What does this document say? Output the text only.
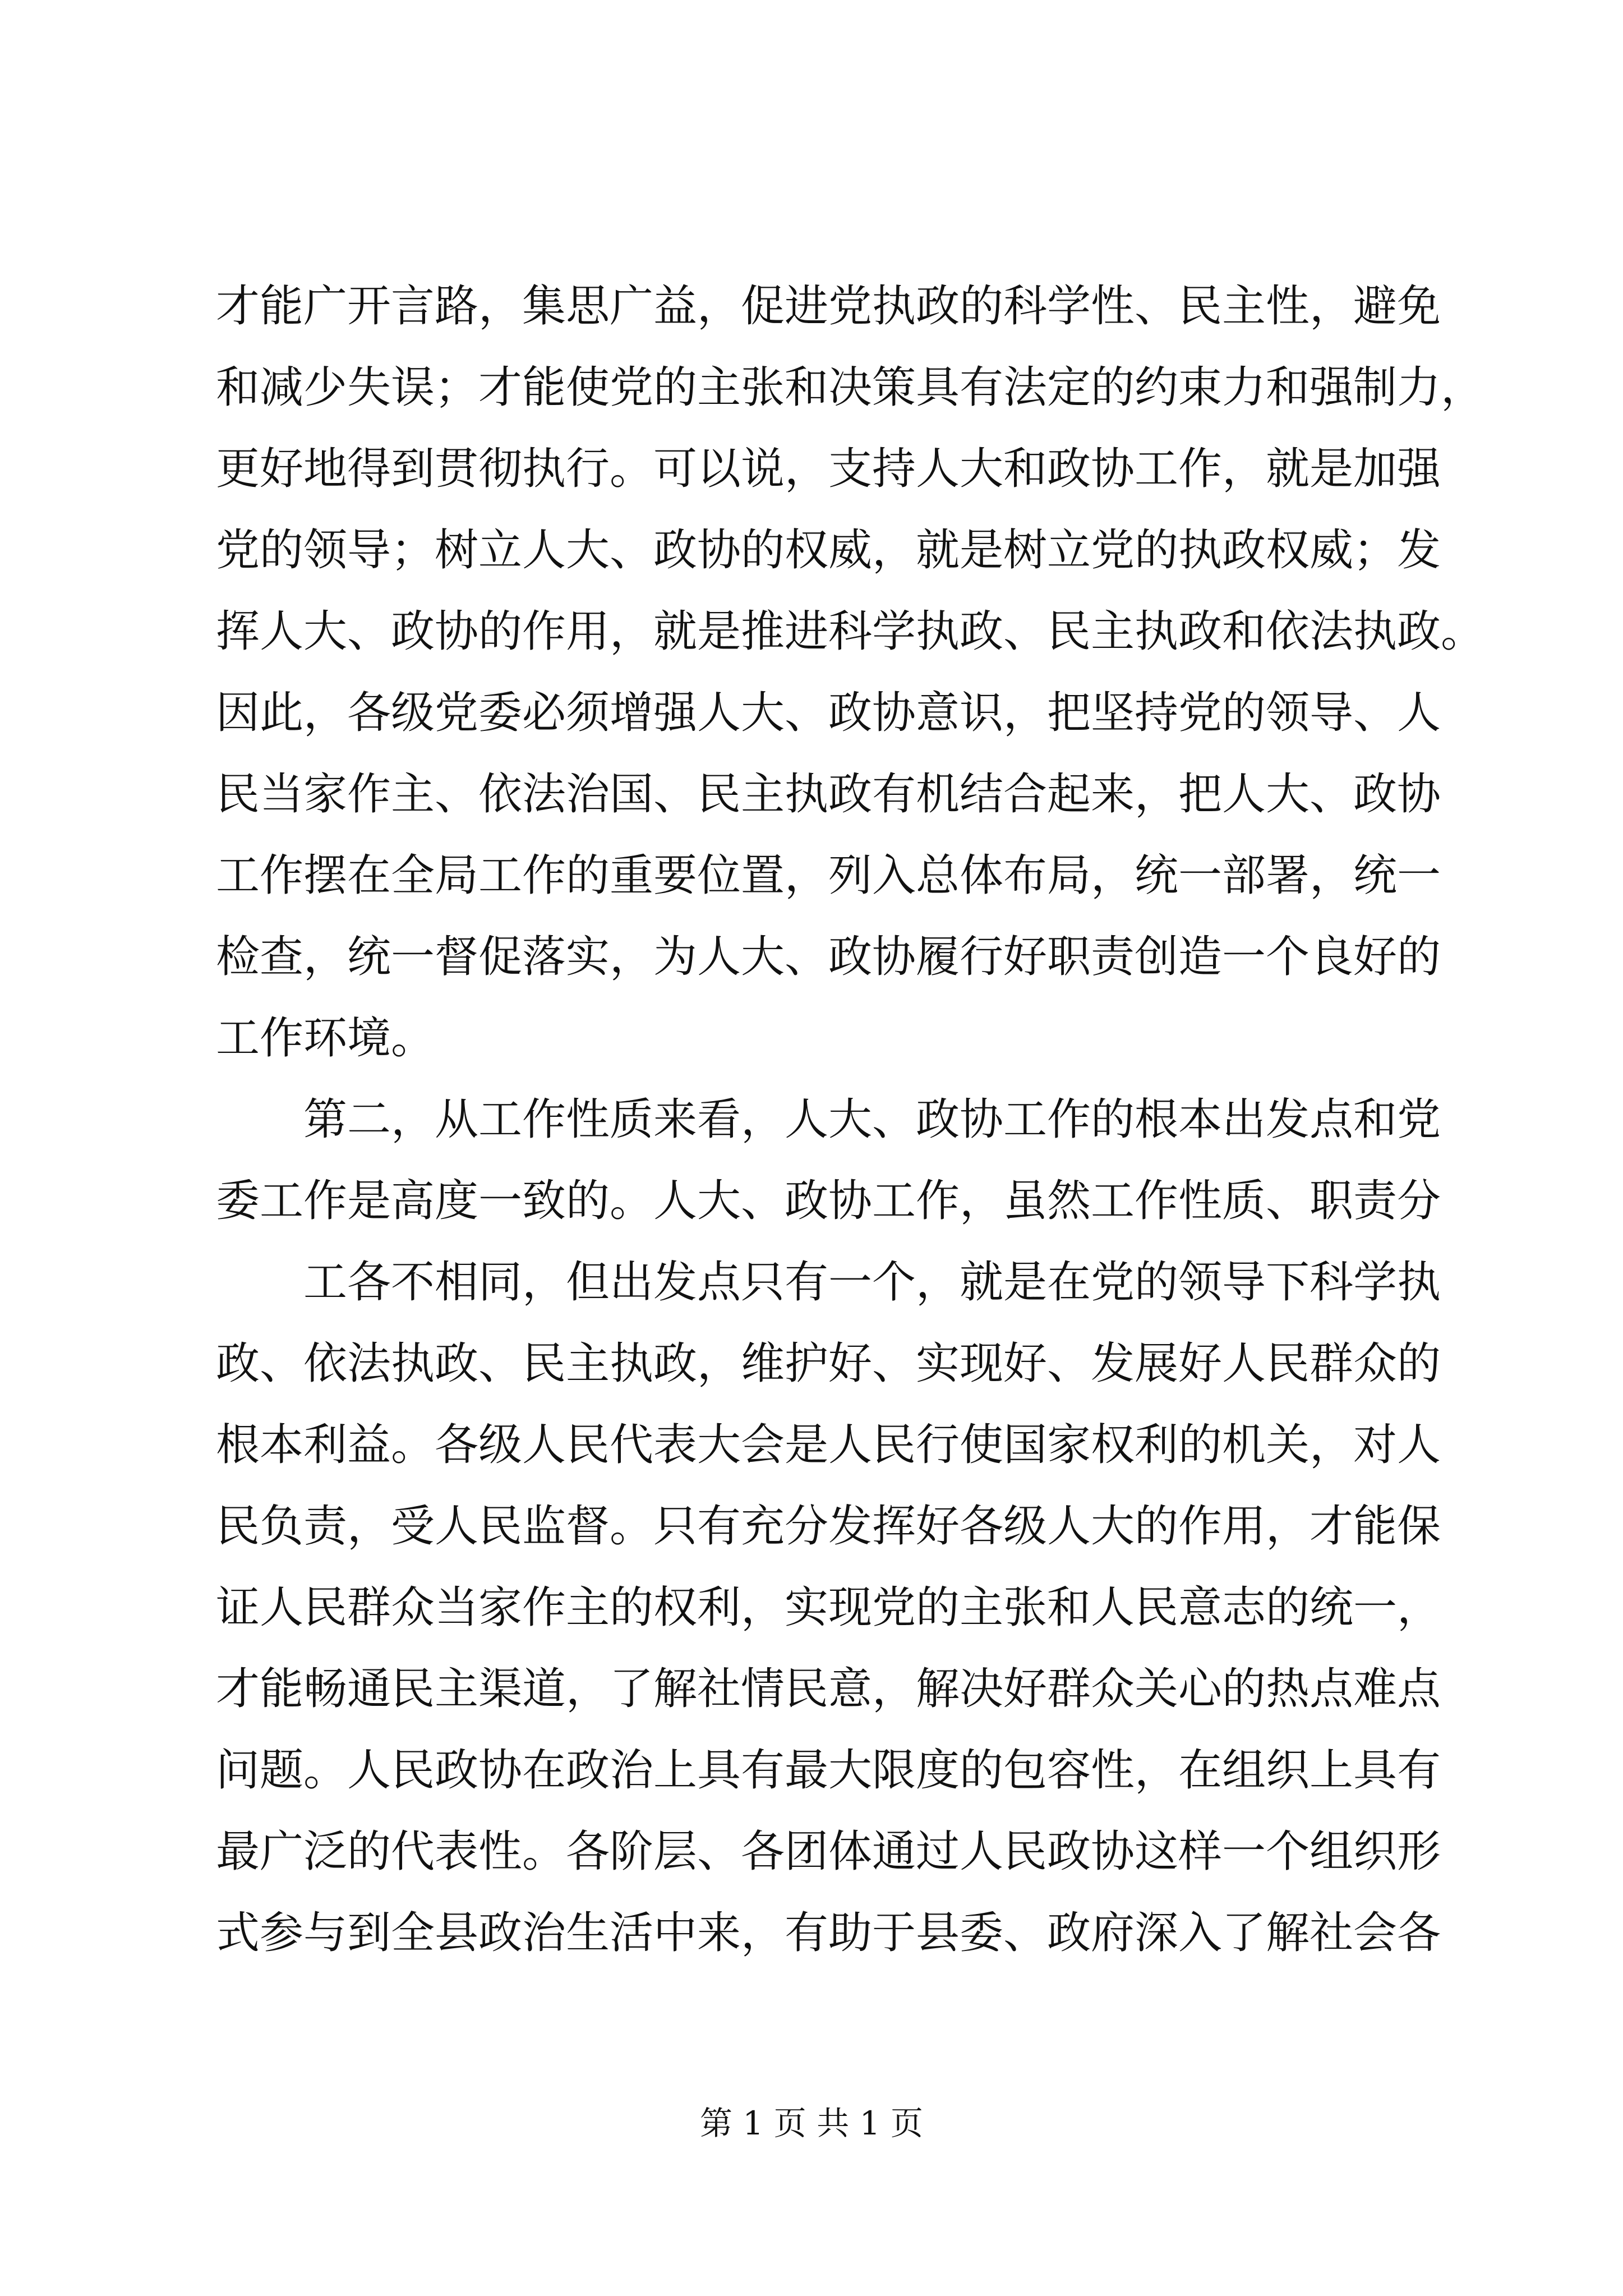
才能广开言路，集思广益，促进党执政的科学性、民主性，避免
和减少失误；才能使党的主张和决策具有法定的约束力和强制力，
更好地得到贯彻执行。可以说，支持人大和政协工作，就是加强
党的领导；树立人大、政协的权威，就是树立党的执政权威；发
挥人大、政协的作用，就是推进科学执政、民主执政和依法执政。
因此，各级党委必须增强人大、政协意识，把坚持党的领导、人
民当家作主、依法治国、民主执政有机结合起来，把人大、政协
工作摆在全局工作的重要位置，列入总体布局，统一部署，统一
检查，统一督促落实，为人大、政协履行好职责创造一个良好的
工作环境。
第二，从工作性质来看，人大、政协工作的根本出发点和党
委工作是高度一致的。人大、政协工作，虽然工作性质、职责分
工各不相同，但出发点只有一个，就是在党的领导下科学执
政、依法执政、民主执政，维护好、实现好、发展好人民群众的
根本利益。各级人民代表大会是人民行使国家权利的机关，对人
民负责，受人民监督。只有充分发挥好各级人大的作用，才能保
证人民群众当家作主的权利，实现党的主张和人民意志的统一，
才能畅通民主渠道，了解社情民意，解决好群众关心的热点难点
问题。人民政协在政治上具有最大限度的包容性，在组织上具有
最广泛的代表性。各阶层、各团体通过人民政协这样一个组织形
式参与到全县政治生活中来，有助于县委、政府深入了解社会各
第 1 页 共 1 页
